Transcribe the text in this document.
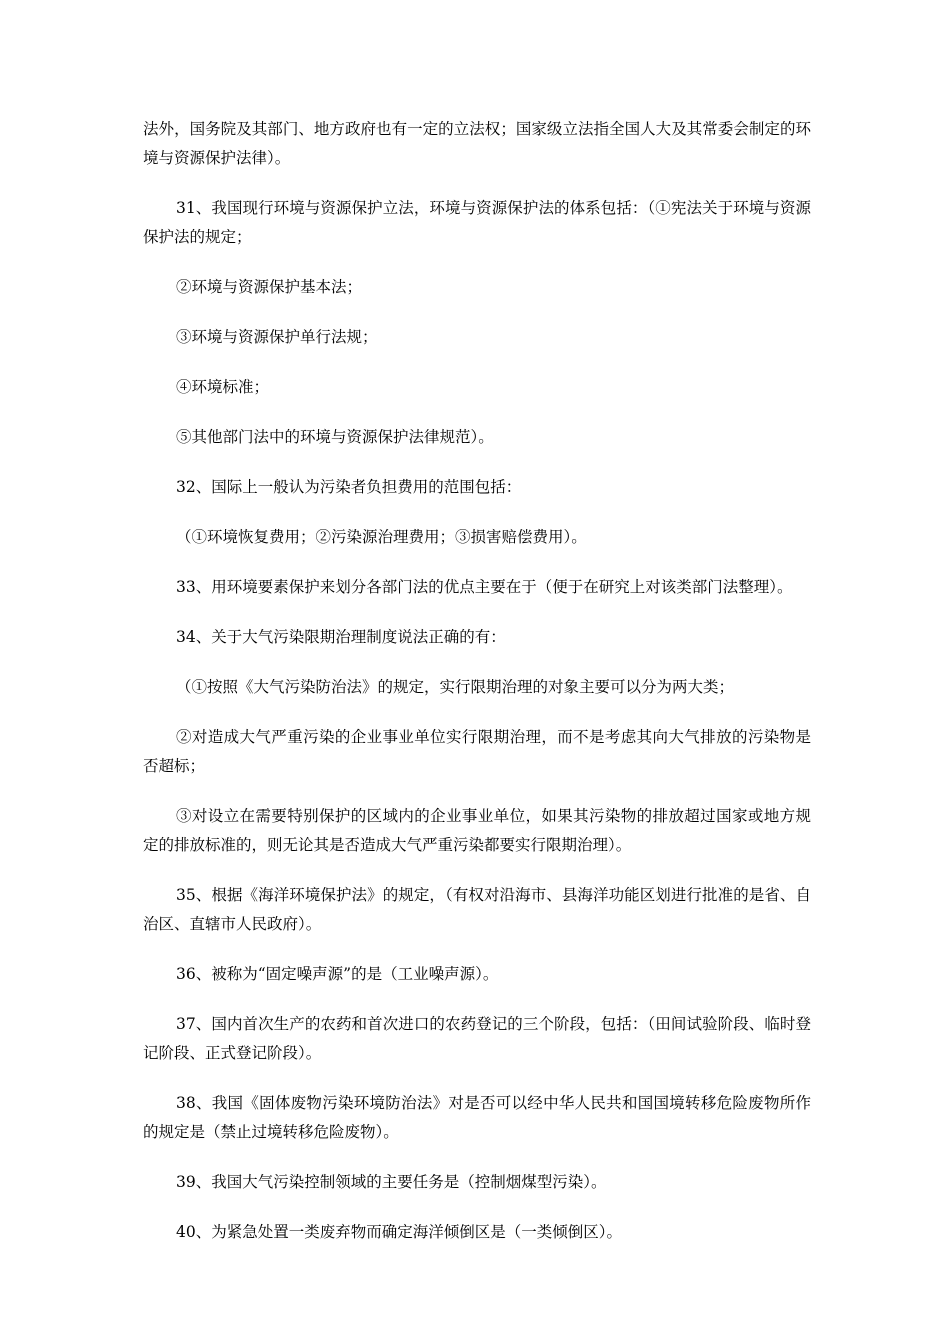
法外，国务院及其部门、地方政府也有一定的立法权；国家级立法指全国人大及其常委会制定的环境与资源保护法律）。

31、我国现行环境与资源保护立法，环境与资源保护法的体系包括：（①宪法关于环境与资源保护法的规定；

②环境与资源保护基本法；

③环境与资源保护单行法规；

④环境标准；

⑤其他部门法中的环境与资源保护法律规范）。

32、国际上一般认为污染者负担费用的范围包括：

（①环境恢复费用；②污染源治理费用；③损害赔偿费用）。

33、用环境要素保护来划分各部门法的优点主要在于（便于在研究上对该类部门法整理）。

34、关于大气污染限期治理制度说法正确的有：

（①按照《大气污染防治法》的规定，实行限期治理的对象主要可以分为两大类；

②对造成大气严重污染的企业事业单位实行限期治理，而不是考虑其向大气排放的污染物是否超标；

③对设立在需要特别保护的区域内的企业事业单位，如果其污染物的排放超过国家或地方规定的排放标准的，则无论其是否造成大气严重污染都要实行限期治理）。

35、根据《海洋环境保护法》的规定，（有权对沿海市、县海洋功能区划进行批准的是省、自治区、直辖市人民政府）。

36、被称为“固定噪声源”的是（工业噪声源）。

37、国内首次生产的农药和首次进口的农药登记的三个阶段，包括：（田间试验阶段、临时登记阶段、正式登记阶段）。

38、我国《固体废物污染环境防治法》对是否可以经中华人民共和国国境转移危险废物所作的规定是（禁止过境转移危险废物）。

39、我国大气污染控制领域的主要任务是（控制烟煤型污染）。

40、为紧急处置一类废弃物而确定海洋倾倒区是（一类倾倒区）。
